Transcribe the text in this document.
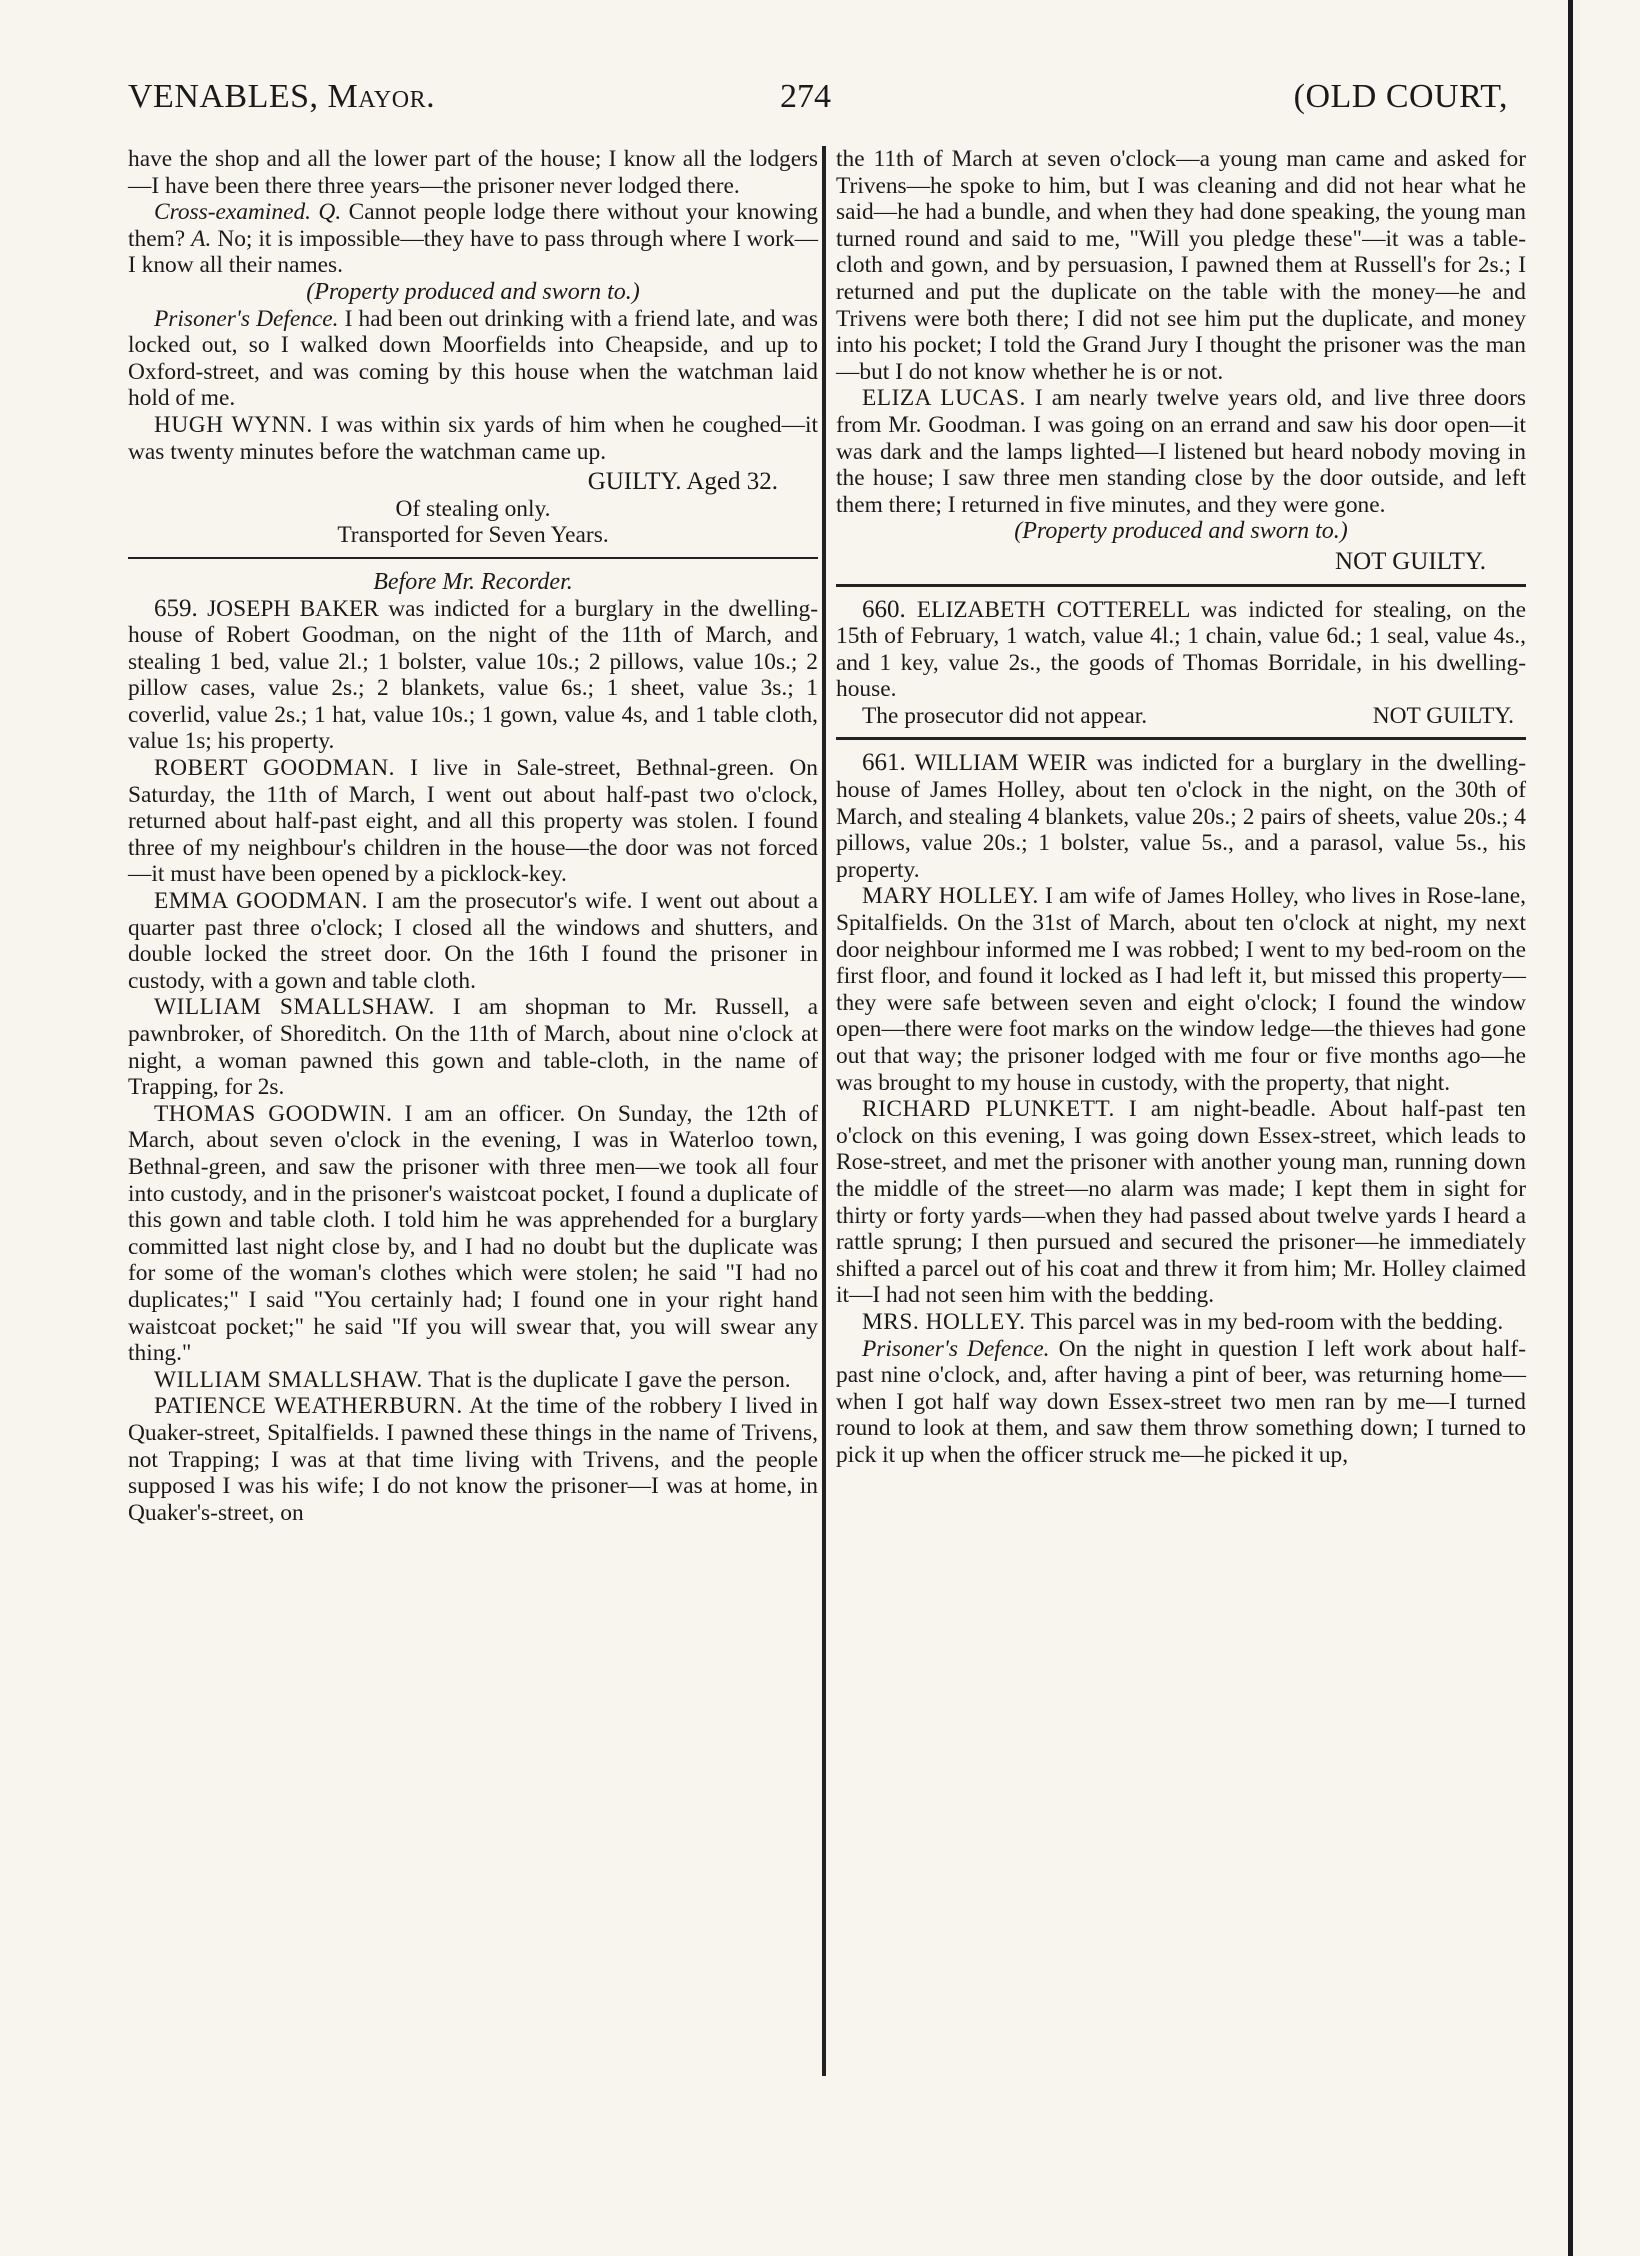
VENABLES, Mayor.	274	(OLD COURT,

have the shop and all the lower part of the house; I know all the lodgers—I have been there three years—the prisoner never lodged there.

Cross-examined. Q. Cannot people lodge there without your knowing them? A. No; it is impossible—they have to pass through where I work—I know all their names.

(Property produced and sworn to.)

Prisoner's Defence. I had been out drinking with a friend late, and was locked out, so I walked down Moorfields into Cheapside, and up to Oxford-street, and was coming by this house when the watchman laid hold of me.

HUGH WYNN. I was within six yards of him when he coughed—it was twenty minutes before the watchman came up.

GUILTY. Aged 32.

Of stealing only.

Transported for Seven Years.

Before Mr. Recorder.

659. JOSEPH BAKER was indicted for a burglary in the dwelling-house of Robert Goodman, on the night of the 11th of March, and stealing 1 bed, value 2l.; 1 bolster, value 10s.; 2 pillows, value 10s.; 2 pillow cases, value 2s.; 2 blankets, value 6s.; 1 sheet, value 3s.; 1 coverlid, value 2s.; 1 hat, value 10s.; 1 gown, value 4s, and 1 table cloth, value 1s; his property.

ROBERT GOODMAN. I live in Sale-street, Bethnal-green. On Saturday, the 11th of March, I went out about half-past two o'clock, returned about half-past eight, and all this property was stolen. I found three of my neighbour's children in the house—the door was not forced—it must have been opened by a picklock-key.

EMMA GOODMAN. I am the prosecutor's wife. I went out about a quarter past three o'clock; I closed all the windows and shutters, and double locked the street door. On the 16th I found the prisoner in custody, with a gown and table cloth.

WILLIAM SMALLSHAW. I am shopman to Mr. Russell, a pawnbroker, of Shoreditch. On the 11th of March, about nine o'clock at night, a woman pawned this gown and table-cloth, in the name of Trapping, for 2s.

THOMAS GOODWIN. I am an officer. On Sunday, the 12th of March, about seven o'clock in the evening, I was in Waterloo town, Bethnal-green, and saw the prisoner with three men—we took all four into custody, and in the prisoner's waistcoat pocket, I found a duplicate of this gown and table cloth. I told him he was apprehended for a burglary committed last night close by, and I had no doubt but the duplicate was for some of the woman's clothes which were stolen; he said "I had no duplicates;" I said "You certainly had; I found one in your right hand waistcoat pocket;" he said "If you will swear that, you will swear any thing."

WILLIAM SMALLSHAW. That is the duplicate I gave the person.

PATIENCE WEATHERBURN. At the time of the robbery I lived in Quaker-street, Spitalfields. I pawned these things in the name of Trivens, not Trapping; I was at that time living with Trivens, and the people supposed I was his wife; I do not know the prisoner—I was at home, in Quaker's-street, on

the 11th of March at seven o'clock—a young man came and asked for Trivens—he spoke to him, but I was cleaning and did not hear what he said—he had a bundle, and when they had done speaking, the young man turned round and said to me, "Will you pledge these"—it was a table-cloth and gown, and by persuasion, I pawned them at Russell's for 2s.; I returned and put the duplicate on the table with the money—he and Trivens were both there; I did not see him put the duplicate, and money into his pocket; I told the Grand Jury I thought the prisoner was the man—but I do not know whether he is or not.

ELIZA LUCAS. I am nearly twelve years old, and live three doors from Mr. Goodman. I was going on an errand and saw his door open—it was dark and the lamps lighted—I listened but heard nobody moving in the house; I saw three men standing close by the door outside, and left them there; I returned in five minutes, and they were gone.

(Property produced and sworn to.)

NOT GUILTY.

660. ELIZABETH COTTERELL was indicted for stealing, on the 15th of February, 1 watch, value 4l.; 1 chain, value 6d.; 1 seal, value 4s., and 1 key, value 2s., the goods of Thomas Borridale, in his dwelling-house.

The prosecutor did not appear.	NOT GUILTY.

661. WILLIAM WEIR was indicted for a burglary in the dwelling-house of James Holley, about ten o'clock in the night, on the 30th of March, and stealing 4 blankets, value 20s.; 2 pairs of sheets, value 20s.; 4 pillows, value 20s.; 1 bolster, value 5s., and a parasol, value 5s., his property.

MARY HOLLEY. I am wife of James Holley, who lives in Rose-lane, Spitalfields. On the 31st of March, about ten o'clock at night, my next door neighbour informed me I was robbed; I went to my bed-room on the first floor, and found it locked as I had left it, but missed this property—they were safe between seven and eight o'clock; I found the window open—there were foot marks on the window ledge—the thieves had gone out that way; the prisoner lodged with me four or five months ago—he was brought to my house in custody, with the property, that night.

RICHARD PLUNKETT. I am night-beadle. About half-past ten o'clock on this evening, I was going down Essex-street, which leads to Rose-street, and met the prisoner with another young man, running down the middle of the street—no alarm was made; I kept them in sight for thirty or forty yards—when they had passed about twelve yards I heard a rattle sprung; I then pursued and secured the prisoner—he immediately shifted a parcel out of his coat and threw it from him; Mr. Holley claimed it—I had not seen him with the bedding.

MRS. HOLLEY. This parcel was in my bed-room with the bedding.

Prisoner's Defence. On the night in question I left work about half-past nine o'clock, and, after having a pint of beer, was returning home—when I got half way down Essex-street two men ran by me—I turned round to look at them, and saw them throw something down; I turned to pick it up when the officer struck me—he picked it up,
